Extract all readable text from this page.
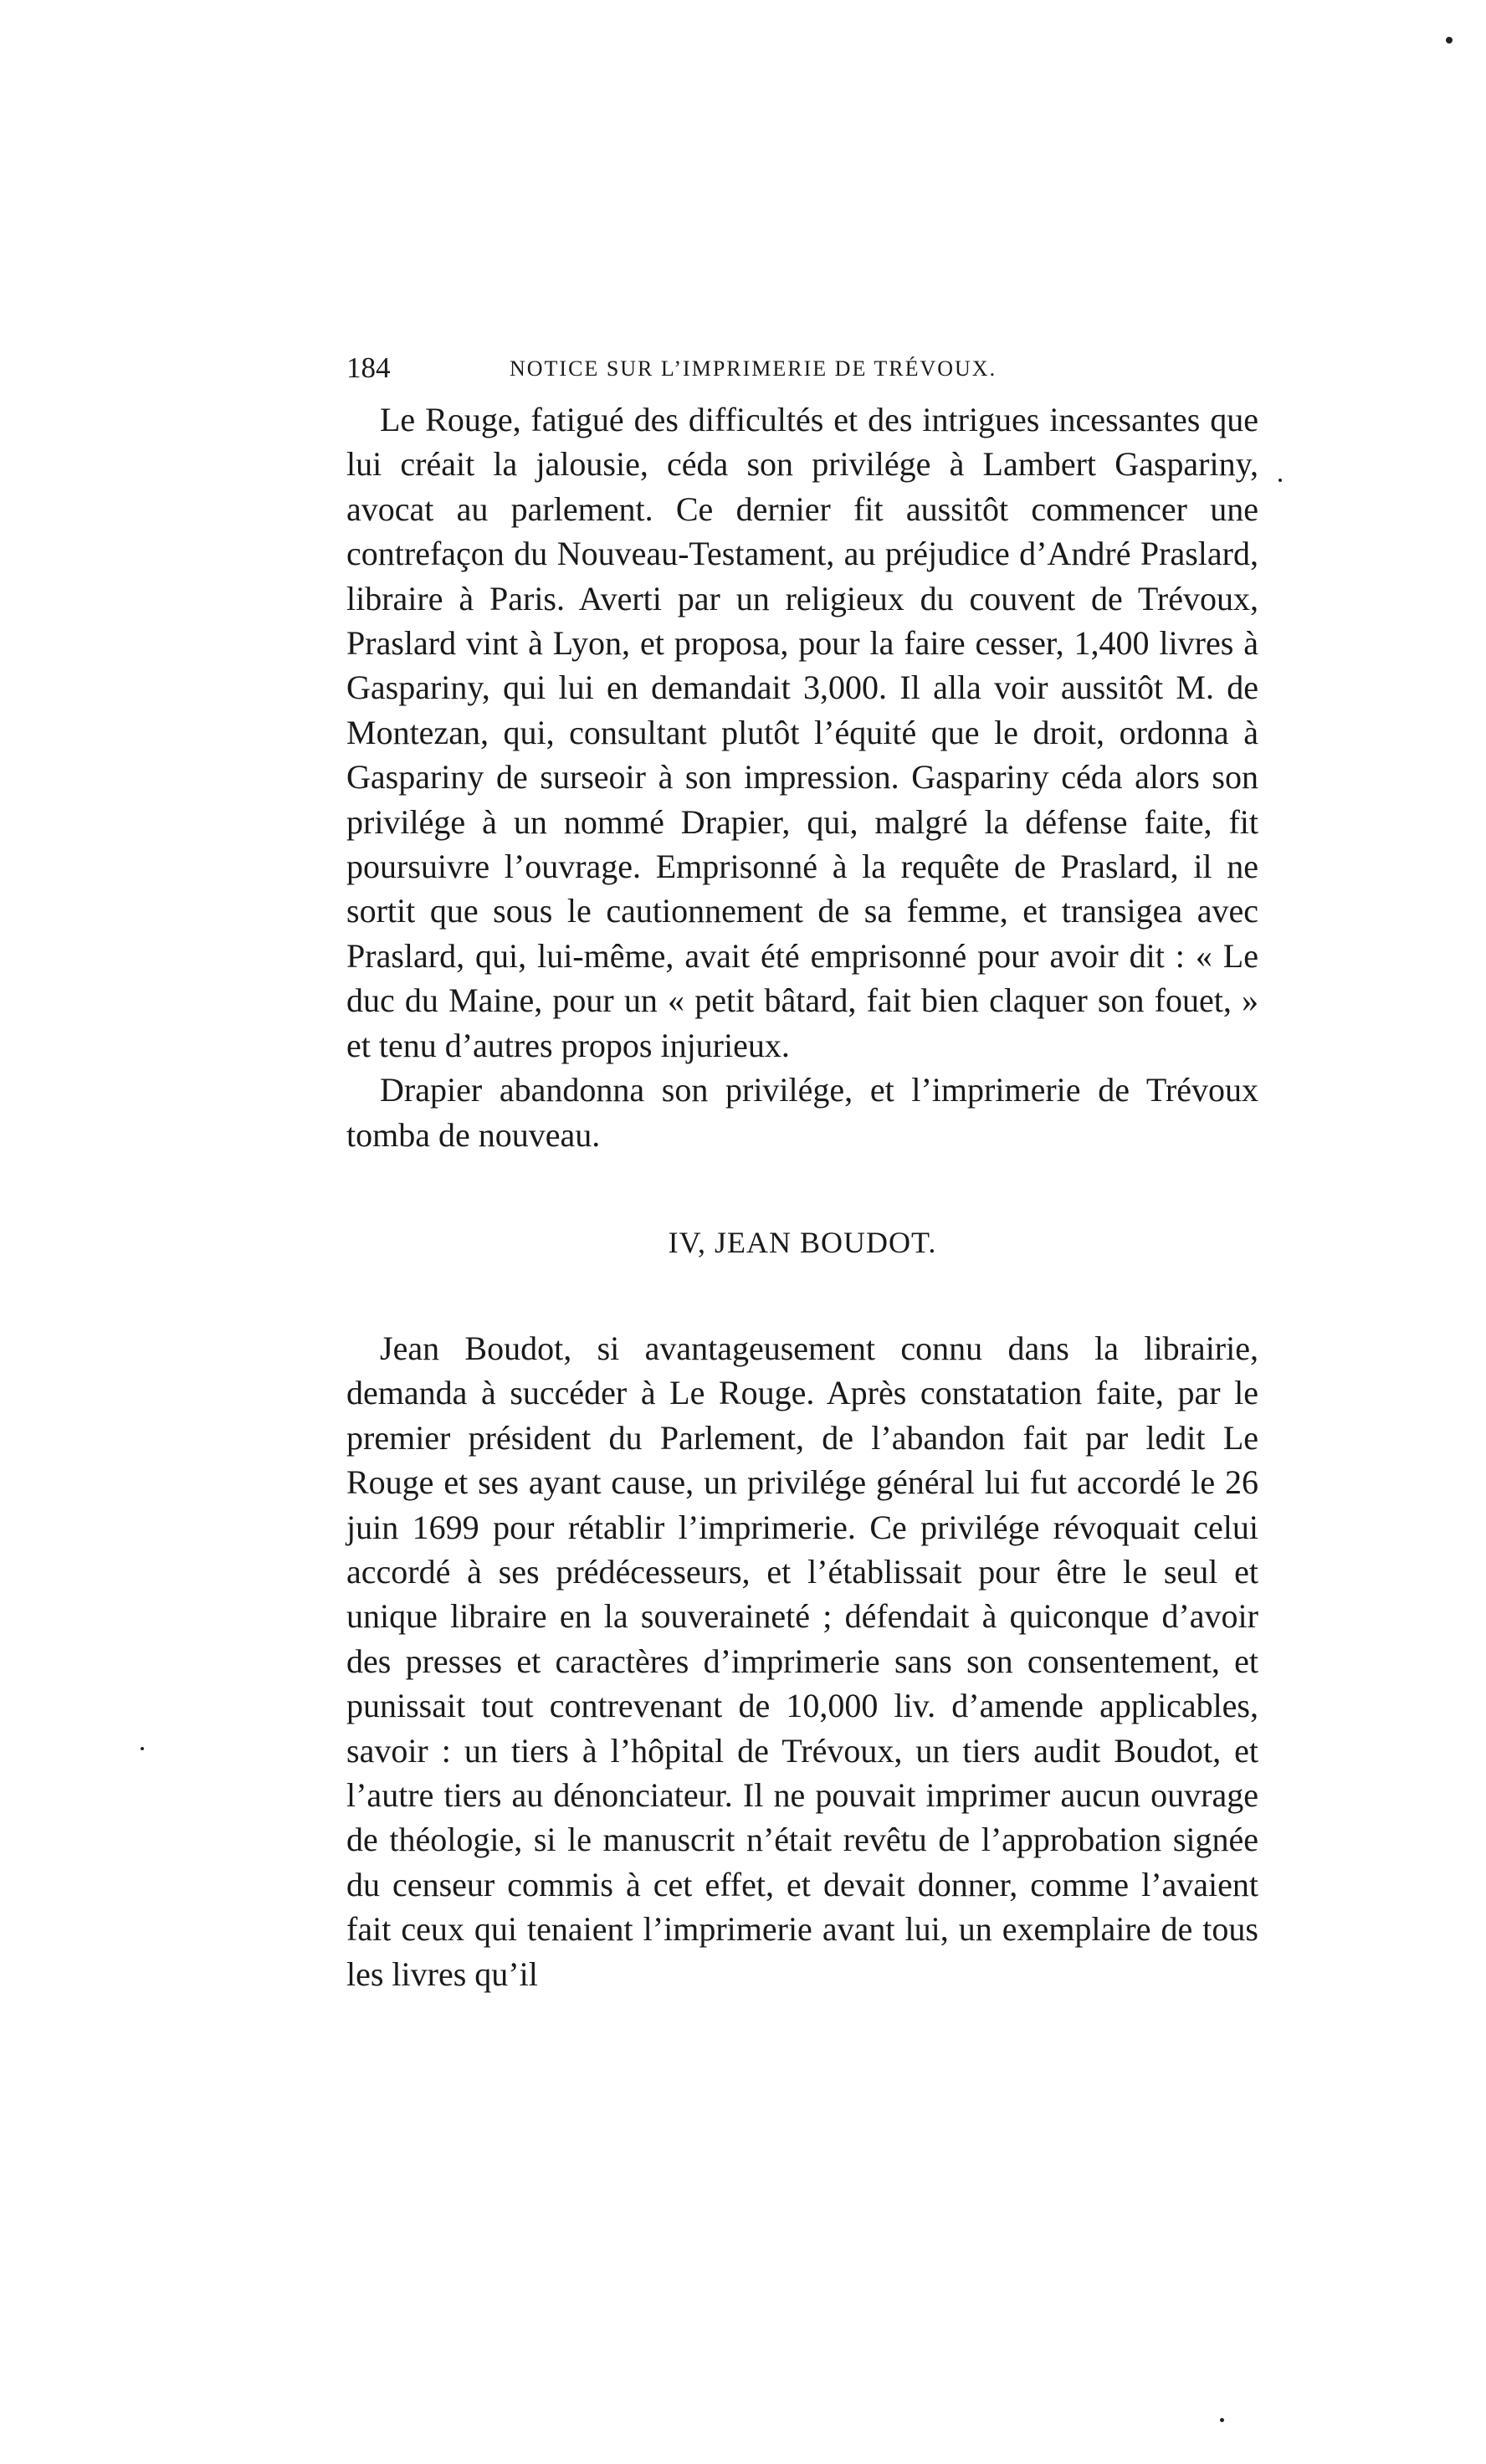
184	NOTICE SUR L’IMPRIMERIE DE TRÉVOUX.

Le Rouge, fatigué des difficultés et des intrigues incessantes que lui créait la jalousie, céda son privilége à Lambert Gaspariny, avocat au parlement. Ce dernier fit aussitôt commencer une contrefaçon du Nouveau-Testament, au préjudice d’André Praslard, libraire à Paris. Averti par un religieux du couvent de Trévoux, Praslard vint à Lyon, et proposa, pour la faire cesser, 1,400 livres à Gaspariny, qui lui en demandait 3,000. Il alla voir aussitôt M. de Montezan, qui, consultant plutôt l’équité que le droit, ordonna à Gaspariny de surseoir à son impression. Gaspariny céda alors son privilége à un nommé Drapier, qui, malgré la défense faite, fit poursuivre l’ouvrage. Emprisonné à la requête de Praslard, il ne sortit que sous le cautionnement de sa femme, et transigea avec Praslard, qui, lui-même, avait été emprisonné pour avoir dit : « Le duc du Maine, pour un « petit bâtard, fait bien claquer son fouet, » et tenu d’autres propos injurieux.

Drapier abandonna son privilége, et l’imprimerie de Trévoux tomba de nouveau.

IV, JEAN BOUDOT.

Jean Boudot, si avantageusement connu dans la librairie, demanda à succéder à Le Rouge. Après constatation faite, par le premier président du Parlement, de l’abandon fait par ledit Le Rouge et ses ayant cause, un privilége général lui fut accordé le 26 juin 1699 pour rétablir l’imprimerie. Ce privilége révoquait celui accordé à ses prédécesseurs, et l’établissait pour être le seul et unique libraire en la souveraineté ; défendait à quiconque d’avoir des presses et caractères d’imprimerie sans son consentement, et punissait tout contrevenant de 10,000 liv. d’amende applicables, savoir : un tiers à l’hôpital de Trévoux, un tiers audit Boudot, et l’autre tiers au dénonciateur. Il ne pouvait imprimer aucun ouvrage de théologie, si le manuscrit n’était revêtu de l’approbation signée du censeur commis à cet effet, et devait donner, comme l’avaient fait ceux qui tenaient l’imprimerie avant lui, un exemplaire de tous les livres qu’il
